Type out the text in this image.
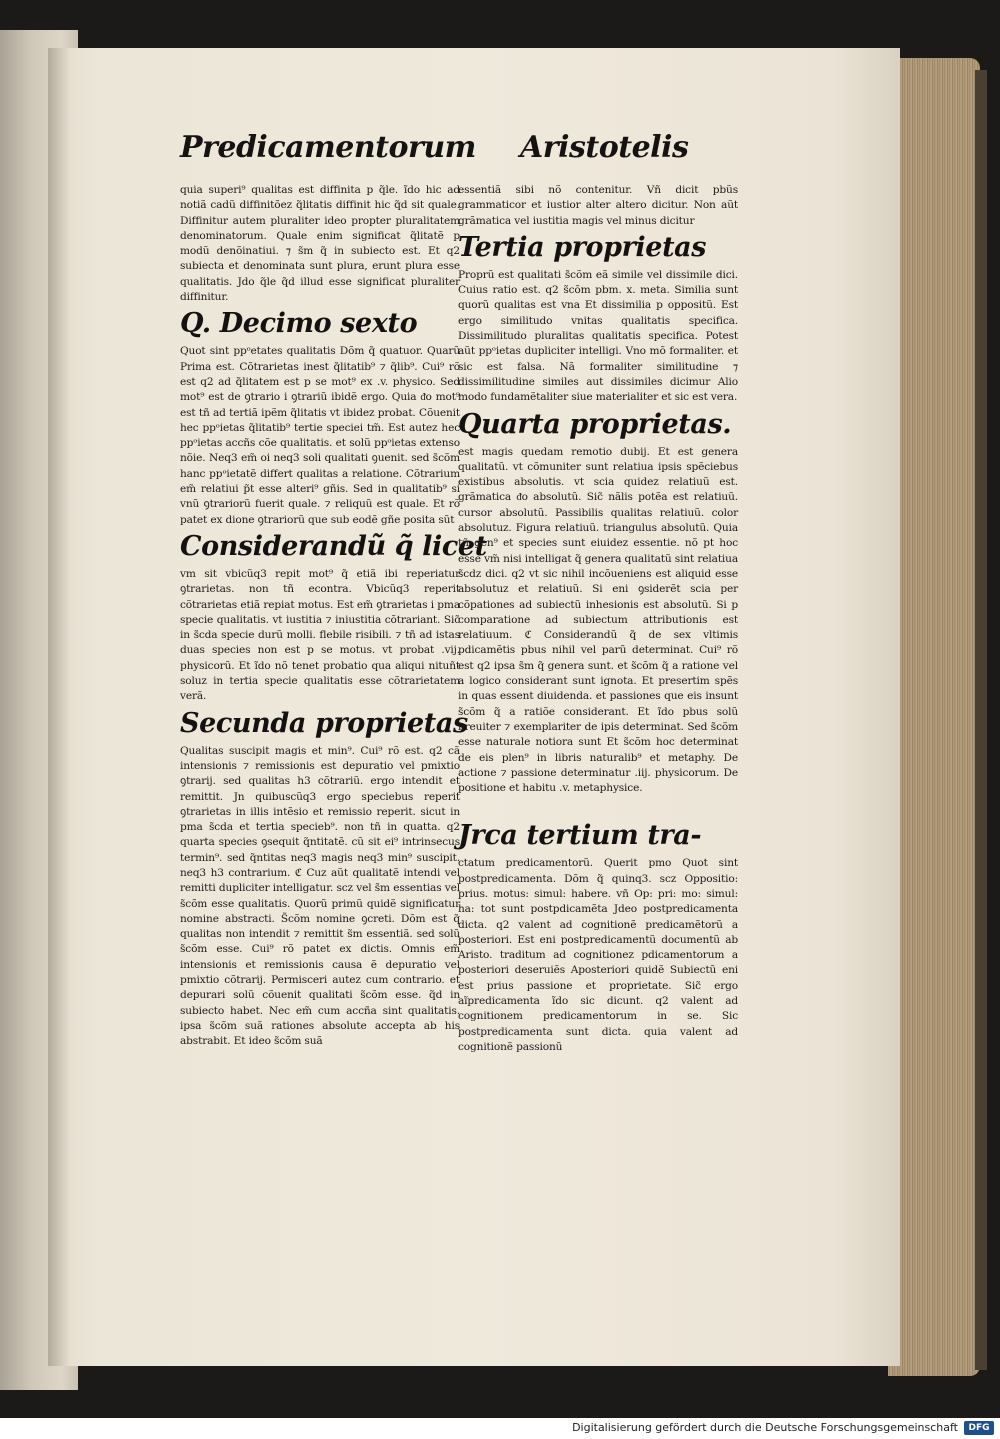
Predicamentorum Aristotelis

quia superi⁹ qualitas est diffinita p q̃le. ĩdo hic ad notiã cadũ diffinitõez q̃litatis diffinit hic q̃d sit quale. Diffinitur autem pluraliter ideo propter pluralitatem denominatorum. Quale enim significat q̃litatẽ p modũ denõinatiui. ⁊ s̃m q̃ in subiecto est. Et q2 subiecta et denominata sunt plura, erunt plura esse qualitatis. Jdo q̃le q̃d illud esse significat pluraliter diffinitur.

Q. Decimo sexto

Quot sint ppᵒetates qualitatis Dõm q̃ quatuor. Quarũ Prima est. Cõtrarietas inest q̃litatib⁹ ⁊ q̃lib⁹. Cui⁹ rõ est q2 ad q̃litatem est p se mot⁹ ex .v. physico. Sed mot⁹ est de ꝯtrario i ꝯtrariũ ibidẽ ergo. Quia ᵭo mot⁹ est tñ ad tertiã ipẽm q̃litatis vt ibidez probat. Cõuenit hec ppᵒietas q̃litatib⁹ tertie speciei tm̃. Est autez hec ppᵒietas accñs cõe qualitatis. et solũ ppᵒietas extenso nõie. Neq3 em̃ oi neq3 soli qualitati ꝯuenit. sed s̃cõm hanc ppᵒietatẽ differt qualitas a relatione. Cõtrarium em̃ relatiui p̃t esse alteri⁹ gñis. Sed in qualitatib⁹ si vnũ ꝯtrariorũ fuerit quale. ⁊ reliquũ est quale. Et rõ patet ex dione ꝯtrariorũ que sub eodẽ gñe posita sũt

Considerandũ q̃ licet

vm sit vbicũq3 repit mot⁹ q̃ etiã ibi reperiatur ꝯtrarietas. non tñ econtra. Vbicũq3 reperit cõtrarietas etiã repiat motus. Est em̃ ꝯtrarietas i pma specie qualitatis. vt iustitia ⁊ iniustitia cõtrariant. Sic̃ in s̃cda specie durũ molli. flebile risibili. ⁊ tñ ad istas duas species non est p se motus. vt probat .vij. physicorũ. Et ĩdo nõ tenet probatio qua aliqui nituñt soluz in tertia specie qualitatis esse cõtrarietatem verã.

Secunda proprietas

Qualitas suscipit magis et min⁹. Cui⁹ rõ est. q2 cã intensionis ⁊ remissionis est depuratio vel pmixtio ꝯtrarij. sed qualitas h3 cõtrariũ. ergo intendit et remittit. Jn quibuscũq3 ergo speciebus reperit ꝯtrarietas in illis intẽsio et remissio reperit. sicut in pma s̃cda et tertia specieb⁹. non tñ in quatta. q2 quarta species ꝯsequit q̃ntitatẽ. cũ sit ei⁹ intrinsecus termin⁹. sed q̃ntitas neq3 magis neq3 min⁹ suscipit. neq3 h3 contrarium. ℭ Cuz aũt qualitatẽ intendi vel remitti dupliciter intelligatur. scz vel s̃m essentias vel s̃cõm esse qualitatis. Quorũ primũ quidẽ significatur nomine abstracti. S̃cõm nomine ꝯcreti. Dõm est q̃ qualitas non intendit ⁊ remittit s̃m essentiã. sed solũ s̃cõm esse. Cui⁹ rõ patet ex dictis. Omnis em̃ intensionis et remissionis causa ẽ depuratio vel pmixtio cõtrarij. Permisceri autez cum contrario. et depurari solũ cõuenit qualitati s̃cõm esse. q̃d in subiecto habet. Nec em̃ cum accña sint qualitatis. ipsa s̃cõm suã rationes absolute accepta ab his abstrabit. Et ideo s̃cõm suã

essentiã sibi nõ contenitur. Vñ dicit pbũs grammaticor et iustior alter altero dicitur. Non aũt grãmatica vel iustitia magis vel minus dicitur

Tertia proprietas

Proprũ est qualitati s̃cõm eã simile vel dissimile dici. Cuius ratio est. q2 s̃cõm pbm. x. meta. Similia sunt quorũ qualitas est vna Et dissimilia p oppositũ. Est ergo similitudo vnitas qualitatis specifica. Dissimilitudo pluralitas qualitatis specifica. Potest aũt ppᵒietas dupliciter intelligi. Vno mõ formaliter. et sic est falsa. Nã formaliter similitudine ⁊ dissimilitudine similes aut dissimiles dicimur Alio modo fundamẽtaliter siue materialiter et sic est vera.

Quarta proprietas.

est magis quedam remotio dubij. Et est genera qualitatũ. vt cõmuniter sunt relatiua ipsis spẽciebus existibus absolutis. vt scia quidez relatiuũ est. grãmatica ᵭo absolutũ. Sic̃ nãlis potẽa est relatiuũ. cursor absolutũ. Passibilis qualitas relatiuũ. color absolutuz. Figura relatiuũ. triangulus absolutũ. Quia tñ gen⁹ et species sunt eiuidez essentie. nõ pt hoc esse vm̃ nisi intelligat q̃ genera qualitatũ sint relatiua s̃cdz dici. q2 vt sic nihil incõueniens est aliquid esse absolutuz et relatiuũ. Si eni ꝯsiderẽt scia per cõpationes ad subiectũ inhesionis est absolutũ. Si p comparatione ad subiectum attributionis est relatiuum. ℭ Considerandũ q̃ de sex vltimis pdicamẽtis pbus nihil vel parũ determinat. Cui⁹ rõ est q2 ipsa s̃m q̃ genera sunt. et s̃cõm q̃ a ratione vel a logico considerant sunt ignota. Et presertim spẽs in quas essent diuidenda. et passiones que eis insunt s̃cõm q̃ a ratiõe considerant. Et ĩdo pbus solũ breuiter ⁊ exemplariter de ipis determinat. Sed s̃cõm esse naturale notiora sunt Et s̃cõm hoc determinat de eis plen⁹ in libris naturalib⁹ et metaphy. De actione ⁊ passione determinatur .iij. physicorum. De positione et habitu .v. metaphysice.

Jrca tertium tra-

ctatum predicamentorũ. Querit pmo Quot sint postpredicamenta. Dõm q̃ quinq3. scz Oppositio: prius. motus: simul: habere. vñ Op: pri: mo: simul: ha: tot sunt postpdicamẽta Jdeo postpredicamenta dicta. q2 valent ad cognitionẽ predicamẽtorũ a posteriori. Est eni postpredicamentũ documentũ ab Aristo. traditum ad cognitionez pdicamentorum a posteriori deseruiẽs Aposteriori quidẽ Subiectũ eni est prius passione et proprietate. Sic̃ ergo aĩpredicamenta ĩdo sic dicunt. q2 valent ad cognitionem predicamentorum in se. Sic postpredicamenta sunt dicta. quia valent ad cognitionẽ passionũ

Digitalisierung gefördert durch die Deutsche Forschungsgemeinschaft	DFG
